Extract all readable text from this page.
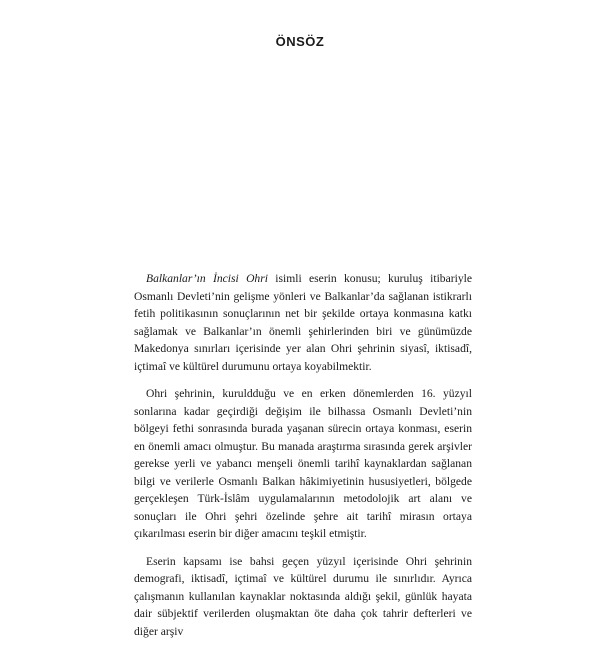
ÖNSÖZ

Balkanlar’ın İncisi Ohri isimli eserin konusu; kuruluş itibariyle Osmanlı Devleti’nin gelişme yönleri ve Balkanlar’da sağlanan istikrarlı fetih politikasının sonuçlarının net bir şekilde ortaya konmasına katkı sağlamak ve Balkanlar’ın önemli şehirlerinden biri ve günümüzde Makedonya sınırları içerisinde yer alan Ohri şehrinin siyasî, iktisadî, içtimaî ve kültürel durumunu ortaya koyabilmektir.

Ohri şehrinin, kuruldduğu ve en erken dönemlerden 16. yüzyıl sonlarına kadar geçirdiği değişim ile bilhassa Osmanlı Devleti’nin bölgeyi fethi sonrasında burada yaşanan sürecin ortaya konması, eserin en önemli amacı olmuştur. Bu manada araştırma sırasında gerek arşivler gerekse yerli ve yabancı menşeli önemli tarihî kaynaklardan sağlanan bilgi ve verilerle Osmanlı Balkan hâkimiyetinin hususiyetleri, bölgede gerçekleşen Türk-İslâm uygulamalarının metodolojik art alanı ve sonuçları ile Ohri şehri özelinde şehre ait tarihî mirasın ortaya çıkarılması eserin bir diğer amacını teşkil etmiştir.

Eserin kapsamı ise bahsi geçen yüzyıl içerisinde Ohri şehrinin demografi, iktisadî, içtimaî ve kültürel durumu ile sınırlıdır. Ayrıca çalışmanın kullanılan kaynaklar noktasında aldığı şekil, günlük hayata dair sübjektif verilerden oluşmaktan öte daha çok tahrir defterleri ve diğer arşiv
